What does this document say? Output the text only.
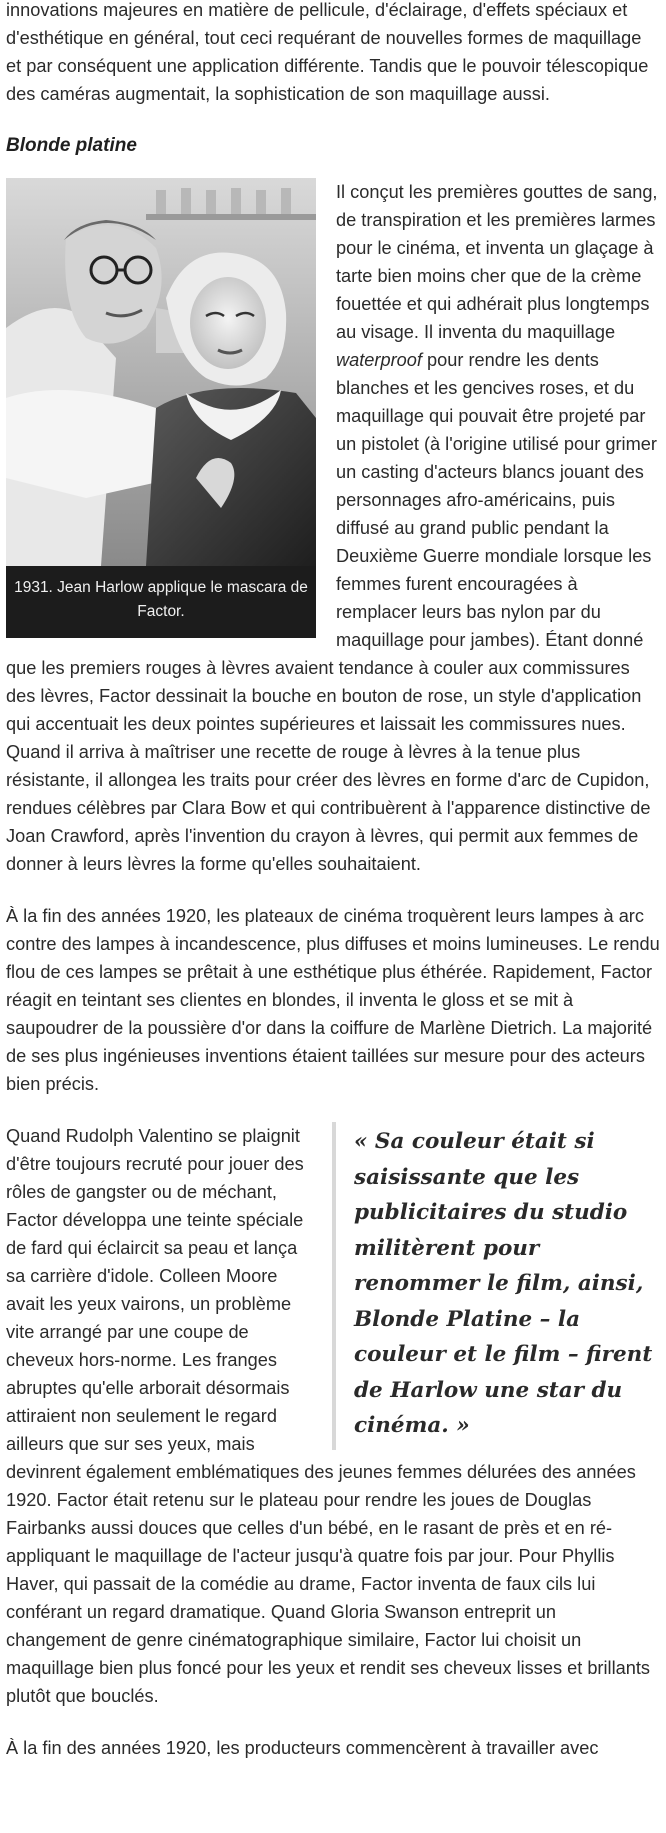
innovations majeures en matière de pellicule, d'éclairage, d'effets spéciaux et d'esthétique en général, tout ceci requérant de nouvelles formes de maquillage et par conséquent une application différente. Tandis que le pouvoir télescopique des caméras augmentait, la sophistication de son maquillage aussi.

Blonde platine
1931. Jean Harlow applique le mascara de Factor.

Il conçut les premières gouttes de sang, de transpiration et les premières larmes pour le cinéma, et inventa un glaçage à tarte bien moins cher que de la crème fouettée et qui adhérait plus longtemps au visage. Il inventa du maquillage waterproof pour rendre les dents blanches et les gencives roses, et du maquillage qui pouvait être projeté par un pistolet (à l'origine utilisé pour grimer un casting d'acteurs blancs jouant des personnages afro-américains, puis diffusé au grand public pendant la Deuxième Guerre mondiale lorsque les femmes furent encouragées à remplacer leurs bas nylon par du maquillage pour jambes). Étant donné que les premiers rouges à lèvres avaient tendance à couler aux commissures des lèvres, Factor dessinait la bouche en bouton de rose, un style d'application qui accentuait les deux pointes supérieures et laissait les commissures nues. Quand il arriva à maîtriser une recette de rouge à lèvres à la tenue plus résistante, il allongea les traits pour créer des lèvres en forme d'arc de Cupidon, rendues célèbres par Clara Bow et qui contribuèrent à l'apparence distinctive de Joan Crawford, après l'invention du crayon à lèvres, qui permit aux femmes de donner à leurs lèvres la forme qu'elles souhaitaient.

À la fin des années 1920, les plateaux de cinéma troquèrent leurs lampes à arc contre des lampes à incandescence, plus diffuses et moins lumineuses. Le rendu flou de ces lampes se prêtait à une esthétique plus éthérée. Rapidement, Factor réagit en teintant ses clientes en blondes, il inventa le gloss et se mit à saupoudrer de la poussière d'or dans la coiffure de Marlène Dietrich. La majorité de ses plus ingénieuses inventions étaient taillées sur mesure pour des acteurs bien précis.

« Sa couleur était si saisissante que les publicitaires du studio militèrent pour renommer le film, ainsi, Blonde Platine – la couleur et le film – firent de Harlow une star du cinéma. »

Quand Rudolph Valentino se plaignit d'être toujours recruté pour jouer des rôles de gangster ou de méchant, Factor développa une teinte spéciale de fard qui éclaircit sa peau et lança sa carrière d'idole. Colleen Moore avait les yeux vairons, un problème vite arrangé par une coupe de cheveux hors-norme. Les franges abruptes qu'elle arborait désormais attiraient non seulement le regard ailleurs que sur ses yeux, mais devinrent également emblématiques des jeunes femmes délurées des années 1920. Factor était retenu sur le plateau pour rendre les joues de Douglas Fairbanks aussi douces que celles d'un bébé, en le rasant de près et en ré-appliquant le maquillage de l'acteur jusqu'à quatre fois par jour. Pour Phyllis Haver, qui passait de la comédie au drame, Factor inventa de faux cils lui conférant un regard dramatique. Quand Gloria Swanson entreprit un changement de genre cinématographique similaire, Factor lui choisit un maquillage bien plus foncé pour les yeux et rendit ses cheveux lisses et brillants plutôt que bouclés.

À la fin des années 1920, les producteurs commencèrent à travailler avec
